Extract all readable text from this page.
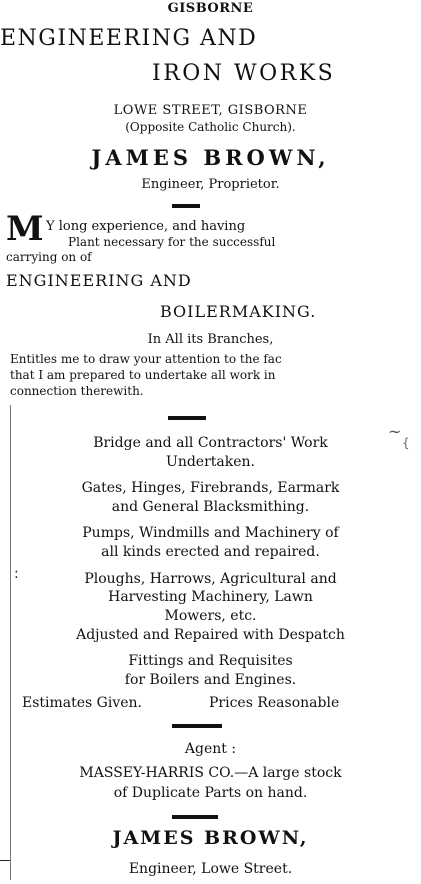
GISBORNE
ENGINEERING AND
IRON WORKS
LOWE STREET, GISBORNE
(Opposite Catholic Church).
JAMES BROWN,
Engineer, Proprietor.
M Y long experience, and having
Plant necessary for the successful
carrying on of
ENGINEERING AND
BOILERMAKING.
In All its Branches,
Entitles me to draw your attention to the fac
that I am prepared to undertake all work in
connection therewith.
Bridge and all Contractors' Work
Undertaken.
Gates, Hinges, Firebrands, Earmark
and General Blacksmithing.
Pumps, Windmills and Machinery of
all kinds erected and repaired.
:	Ploughs, Harrows, Agricultural and
Harvesting Machinery, Lawn
Mowers, etc.
Adjusted and Repaired with Despatch
Fittings and Requisites
for Boilers and Engines.
Estimates Given.	Prices Reasonable
Agent :
MASSEY-HARRIS CO.—A large stock
of Duplicate Parts on hand.
JAMES BROWN,
Engineer, Lowe Street.
~
{
